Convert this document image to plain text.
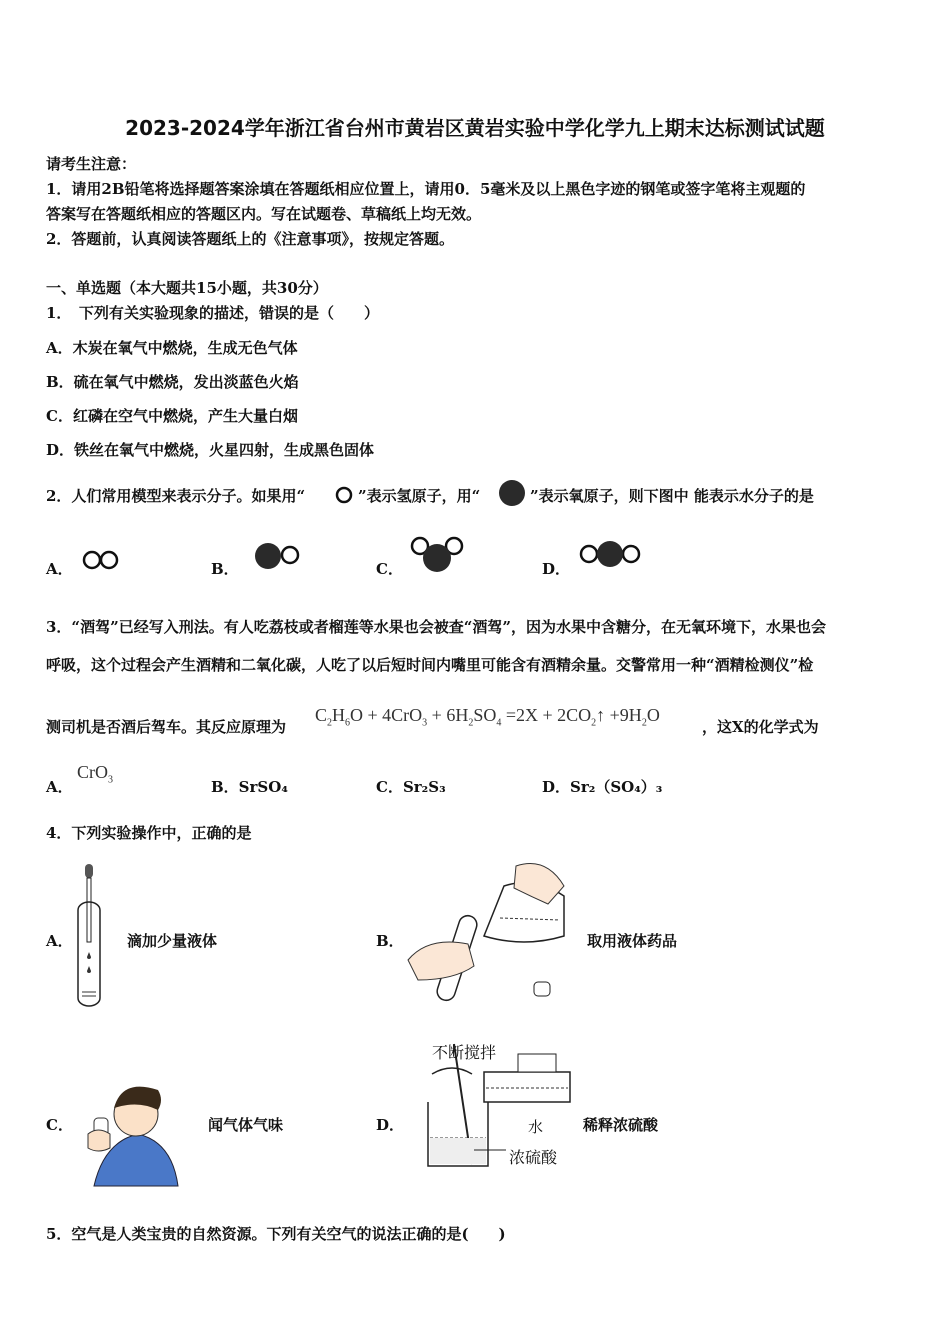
2023-2024学年浙江省台州市黄岩区黄岩实验中学化学九上期末达标测试试题
请考生注意：
1．请用2B铅笔将选择题答案涂填在答题纸相应位置上，请用0．5毫米及以上黑色字迹的钢笔或签字笔将主观题的
答案写在答题纸相应的答题区内。写在试题卷、草稿纸上均无效。
2．答题前，认真阅读答题纸上的《注意事项》，按规定答题。
一、单选题（本大题共15小题，共30分）
1．　下列有关实验现象的描述，错误的是（　　）
A．木炭在氧气中燃烧，生成无色气体
B．硫在氧气中燃烧，发出淡蓝色火焰
C．红磷在空气中燃烧，产生大量白烟
D．铁丝在氧气中燃烧，火星四射，生成黑色固体
2．人们常用模型来表示分子。如果用“	”表示氢原子，用“	”表示氧原子，则下图中 能表示水分子的是
A．	B．	C．	D．
3．“酒驾”已经写入刑法。有人吃荔枝或者榴莲等水果也会被查“酒驾”，因为水果中含糖分，在无氧环境下，水果也会
呼吸，这个过程会产生酒精和二氧化碳，人吃了以后短时间内嘴里可能含有酒精余量。交警常用一种“酒精检测仪”检
测司机是否酒后驾车。其反应原理为
$C_2H_6O + 4CrO_3 + 6H_2SO_4 =2X$ + $2CO_2↑ +9H_2O$
，这X的化学式为
A．
CrO$_3$	B．SrSO₄	C．Sr₂S₃	D．Sr₂（SO₄）₃
4．下列实验操作中，正确的是
A．	滴加少量液体	B．	取用液体药品
C．	闻气体气味	D．
不断搅拌
水
浓硫酸
稀释浓硫酸
5．空气是人类宝贵的自然资源。下列有关空气的说法正确的是(　　)
